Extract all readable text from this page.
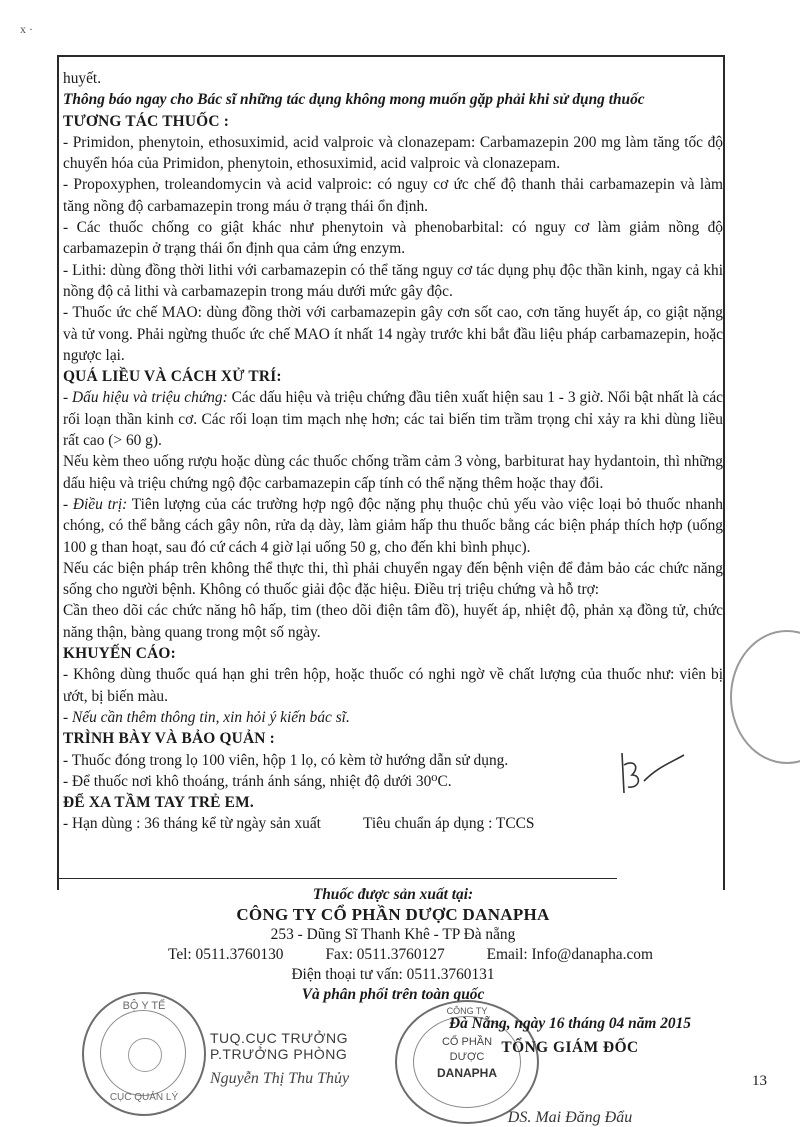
x ·

huyết.

Thông báo ngay cho Bác sĩ những tác dụng không mong muốn gặp phải khi sử dụng thuốc

TƯƠNG TÁC THUỐC :

- Primidon, phenytoin, ethosuximid, acid valproic và clonazepam: Carbamazepin 200 mg làm tăng tốc độ chuyển hóa của Primidon, phenytoin, ethosuximid, acid valproic và clonazepam.

- Propoxyphen, troleandomycin và acid valproic: có nguy cơ ức chế độ thanh thải carbamazepin và làm tăng nồng độ carbamazepin trong máu ở trạng thái ổn định.

- Các thuốc chống co giật khác như phenytoin và phenobarbital: có nguy cơ làm giảm nồng độ carbamazepin ở trạng thái ổn định qua cảm ứng enzym.

- Lithi: dùng đồng thời lithi với carbamazepin có thể tăng nguy cơ tác dụng phụ độc thần kinh, ngay cả khi nồng độ cả lithi và carbamazepin trong máu dưới mức gây độc.

- Thuốc ức chế MAO: dùng đồng thời với carbamazepin gây cơn sốt cao, cơn tăng huyết áp, co giật nặng và tử vong. Phải ngừng thuốc ức chế MAO ít nhất 14 ngày trước khi bắt đầu liệu pháp carbamazepin, hoặc ngược lại.

QUÁ LIỀU VÀ CÁCH XỬ TRÍ:

- Dấu hiệu và triệu chứng: Các dấu hiệu và triệu chứng đầu tiên xuất hiện sau 1 - 3 giờ. Nổi bật nhất là các rối loạn thần kinh cơ. Các rối loạn tim mạch nhẹ hơn; các tai biến tim trầm trọng chỉ xảy ra khi dùng liều rất cao (> 60 g).

Nếu kèm theo uống rượu hoặc dùng các thuốc chống trầm cảm 3 vòng, barbiturat hay hydantoin, thì những dấu hiệu và triệu chứng ngộ độc carbamazepin cấp tính có thể nặng thêm hoặc thay đổi.

- Điều trị: Tiên lượng của các trường hợp ngộ độc nặng phụ thuộc chủ yếu vào việc loại bỏ thuốc nhanh chóng, có thể bằng cách gây nôn, rửa dạ dày, làm giảm hấp thu thuốc bằng các biện pháp thích hợp (uống 100 g than hoạt, sau đó cứ cách 4 giờ lại uống 50 g, cho đến khi bình phục).

Nếu các biện pháp trên không thể thực thi, thì phải chuyển ngay đến bệnh viện để đảm bảo các chức năng sống cho người bệnh. Không có thuốc giải độc đặc hiệu. Điều trị triệu chứng và hỗ trợ:

Cần theo dõi các chức năng hô hấp, tim (theo dõi điện tâm đồ), huyết áp, nhiệt độ, phản xạ đồng tử, chức năng thận, bàng quang trong một số ngày.

KHUYẾN CÁO:

- Không dùng thuốc quá hạn ghi trên hộp, hoặc thuốc có nghi ngờ về chất lượng của thuốc như: viên bị ướt, bị biến màu.

- Nếu cần thêm thông tin, xin hỏi ý kiến bác sĩ.

TRÌNH BÀY VÀ BẢO QUẢN :

- Thuốc đóng trong lọ 100 viên, hộp 1 lọ, có kèm tờ hướng dẫn sử dụng.

- Để thuốc nơi khô thoáng, tránh ánh sáng, nhiệt độ dưới 30⁰C.

ĐỂ XA TẦM TAY TRẺ EM.

- Hạn dùng : 36 tháng kể từ ngày sản xuất	Tiêu chuẩn áp dụng : TCCS

Thuốc được sản xuất tại:

CÔNG TY CỔ PHẦN DƯỢC DANAPHA

253 - Dũng Sĩ Thanh Khê - TP Đà nẵng

Tel: 0511.3760130	Fax: 0511.3760127	Email: Info@danapha.com

Điện thoại tư vấn: 0511.3760131

Và phân phối trên toàn quốc

BỘ Y TẾ
CỤC QUẢN LÝ
TUQ.CỤC TRƯỞNG
P.TRƯỞNG PHÒNG
Nguyễn Thị Thu Thủy
CÔNG TY
CỔ PHẦN
DƯỢC
DANAPHA
Đà Nẵng, ngày 16 tháng 04 năm 2015
TỔNG GIÁM ĐỐC
DS. Mai Đăng Đẩu
13
